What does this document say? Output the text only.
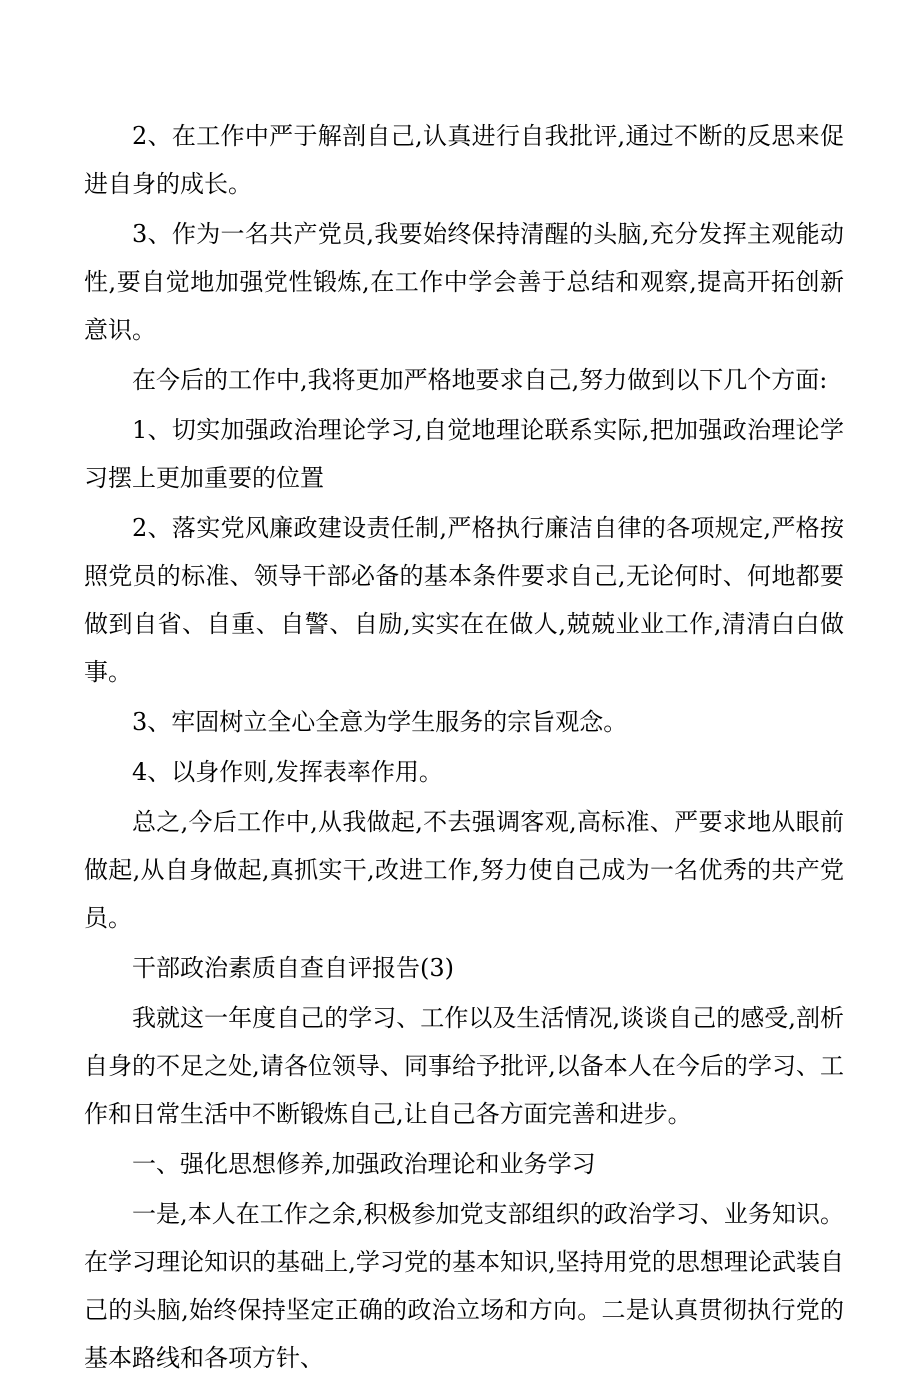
2、在工作中严于解剖自己,认真进行自我批评,通过不断的反思来促进自身的成长。

3、作为一名共产党员,我要始终保持清醒的头脑,充分发挥主观能动性,要自觉地加强党性锻炼,在工作中学会善于总结和观察,提高开拓创新意识。

在今后的工作中,我将更加严格地要求自己,努力做到以下几个方面:

1、切实加强政治理论学习,自觉地理论联系实际,把加强政治理论学习摆上更加重要的位置

2、落实党风廉政建设责任制,严格执行廉洁自律的各项规定,严格按照党员的标准、领导干部必备的基本条件要求自己,无论何时、何地都要做到自省、自重、自警、自励,实实在在做人,兢兢业业工作,清清白白做事。

3、牢固树立全心全意为学生服务的宗旨观念。

4、以身作则,发挥表率作用。

总之,今后工作中,从我做起,不去强调客观,高标准、严要求地从眼前做起,从自身做起,真抓实干,改进工作,努力使自己成为一名优秀的共产党员。

干部政治素质自查自评报告(3)

我就这一年度自己的学习、工作以及生活情况,谈谈自己的感受,剖析自身的不足之处,请各位领导、同事给予批评,以备本人在今后的学习、工作和日常生活中不断锻炼自己,让自己各方面完善和进步。

一、强化思想修养,加强政治理论和业务学习

一是,本人在工作之余,积极参加党支部组织的政治学习、业务知识。在学习理论知识的基础上,学习党的基本知识,坚持用党的思想理论武装自己的头脑,始终保持坚定正确的政治立场和方向。二是认真贯彻执行党的基本路线和各项方针、
